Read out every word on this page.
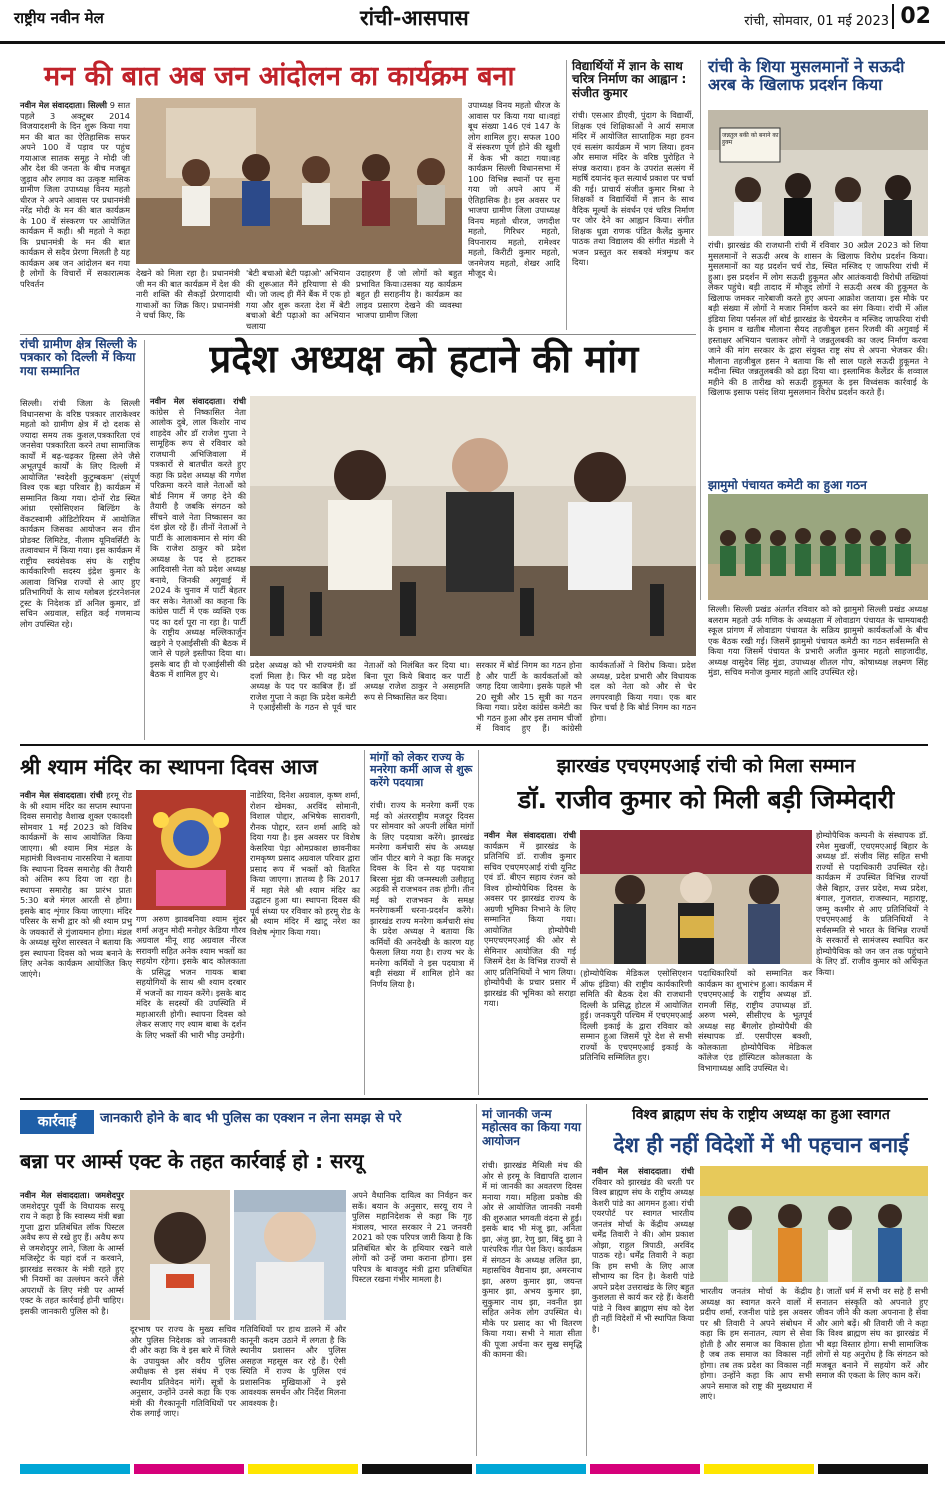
राष्ट्रीय नवीन मेल	रांची-आसपास	रांची, सोमवार, 01 मई 2023 02
मन की बात अब जन आंदोलन का कार्यक्रम बना
नवीन मेल संवाददाता। सिल्ली 9 सात पहले 3 अक्टूबर 2014 विजयादशमी के दिन शुरू किया गया मन की बात का ऐतिहासिक सफर अपने 100 वें पड़ाव पर पहुंच गयाआज सातक समूह ने मोदी जी और देश की जनता के बीच मजबूत जुड़ाव और लगाव का उत्कृष्ट मासिक ग्रामीण जिला उपाध्यक्ष विनय महतो धीरज ने अपने आवास पर प्रधानमंत्री नरेंद्र मोदी के मन की बात कार्यक्रम के 100 वें संस्करण पर आयोजित कार्यक्रम में कही। श्री महतो ने कहा कि प्रधानमंत्री के मन की बात कार्यक्रम से सदैव प्रेरणा मिलती है यह कार्यक्रम अब जन आंदोलन बन गया है लोगों के विचारों में सकारात्मक परिवर्तन
देखने को मिला रहा है। प्रधानमंत्री जी मन की बात कार्यक्रम में देश की नारी शक्ति की सैकड़ों प्रेरणादायी गाथाओं का जिक्र किए। प्रधानमंत्री ने चर्चा किए, कि
'बेटी बचाओ बेटी पढ़ाओ' अभियान की शुरूआत मैंने हरियाणा से की थी। जो जल्द ही मैंने बैंक में एक हो गया और शुरू करता देश में बेटी बचाओ बेटी पढ़ाओ का अभियान चलाया
उदाहरण हैं जो लोगों को बहुत प्रभावित किया।उसका यह कार्यक्रम बहुत ही सराहनीय है। कार्यक्रम का लाइव प्रसारण देखने की व्यवस्था भाजपा ग्रामीण जिला
उपाध्यक्ष विनय महतो धीरज के आवास पर किया गया था।वहां बूथ संख्या 146 एवं 147 के लोग शामिल हुए। सफल 100 वें संस्करण पूर्ण होने की खुशी में केक भी काटा गया।वह कार्यक्रम सिल्ली विधानसभा में 100 विभिन्न स्थानों पर सुना गया जो अपने आप में ऐतिहासिक है। इस अवसर पर भाजपा ग्रामीण जिला उपाध्यक्ष विनय महतो धीरज, जगदीश महतो, गिरिधर महतो, विपनाराय महतो, रामेश्वर महतो, किरीटी कुमार महतो, जनमेजय महतो, शेखर आदि मौजूद थे।
विद्यार्थियों में ज्ञान के साथ चरित्र निर्माण का आह्वान : संजीत कुमार
रांची। एसआर डीएवी, पुंदाग के विद्यार्थी, शिक्षक एवं शिक्षिकाओं ने आर्य समाज मंदिर में आयोजित साप्ताहिक महा हवन एवं सत्संग कार्यक्रम में भाग लिया। हवन और समाज मंदिर के वरिष्ठ पुरोहित ने संपन्न कराया। हवन के उपरांत सत्संग में महर्षि दयानंद कृत सत्यार्थ प्रकाश पर चर्चा की गई। प्राचार्य संजीत कुमार मिश्रा ने शिक्षकों व विद्यार्थियों में ज्ञान के साथ वैदिक मूल्यों के संवर्धन एवं चरित्र निर्माण पर जोर देने का आह्वान किया। संगीत शिक्षक धुव्रा राणक पंडित कैलेंद्र कुमार पाठक तथा विद्यालय की संगीत मंडली ने भजन प्रस्तुत कर सबको मंत्रमुग्ध कर दिया।
रांची के शिया मुसलमानों ने सऊदी अरब के खिलाफ प्रदर्शन किया
जन्नतुल बकी को बनाने का हुक्म
रांची। झारखंड की राजधानी रांची में रविवार 30 अप्रैल 2023 को शिया मुसलमानों ने सऊदी अरब के शासन के खिलाफ विरोध प्रदर्शन किया। मुसलमानों का यह प्रदर्शन चर्च रोड, स्थित मस्जिद ए जाफरिया रांची में हुआ। इस प्रदर्शन में लोग सऊदी हुकूमत और आतंकवादी विरोधी तख्तियां लेकर पहुंचे। बड़ी तादाद में मौजूद लोगों ने सऊदी अरब की हुकूमत के खिलाफ जमकर नारेबाजी करते हुए अपना आक्रोश जताया। इस मौके पर बड़ी संख्या में लोगों ने मजार निर्माण करने का संग किया। रांची में ऑल इंडिया शिया पर्सनल लॉ बोर्ड झारखंड के चेयरमैन व मस्जिद जाफरिया रांची के इमाम व खतीब मौलाना सैयद तहजीबुल हसन रिजवी की अगुवाई में हस्ताक्षर अभियान चलाकर लोगों ने जन्नतुलबकी का जल्द निर्माण करवा जाने की मांग सरकार के द्वारा संयुक्त राष्ट्र संघ से अपना भेजकर की। मौलाना तहजीबुल हसन ने बताया कि सौ साल पहले सऊदी हुकूमत ने मदीना स्थित जन्नतुलबकी को ढहा दिया था। इस्लामिक कैलेंडर के शव्वाल महीने की 8 तारीख को सऊदी हुकूमत के इस विध्वंसक कार्रवाई के खिलाफ इसाफ पसंद शिया मुसलमान विरोध प्रदर्शन करते हैं।
झामुमो पंचायत कमेटी का हुआ गठन
सिल्ली। सिल्ली प्रखंड अंतर्गत रविवार को को झामुमो सिल्ली प्रखंड अध्यक्ष बलराम महतो उर्फ गणिक के अध्यक्षता में लोवाडाग पंचायत के चामयाबदी स्कूल प्रांगण में लोवाडाग पंचायत के सक्रिय झामुमो कार्यकर्ताओं के बीच एक बैठक रखी गई। जिसमें झामुमो पंचायत कमेटी का गठन सर्वसम्मति से किया गया जिसमें पंचायत के प्रभारी अजीत कुमार महतो साहजादीह, अध्यक्ष वासुदेव सिंह मुंडा, उपाध्यक्ष शीतल गोप, कोषाध्यक्ष लक्ष्मण सिंह मुंडा, सचिव मनोज कुमार महतो आदि उपस्थित रहे।
रांची ग्रामीण क्षेत्र सिल्ली के पत्रकार को दिल्ली में किया गया सम्मानित
सिल्ली। रांची जिला के सिल्ली विधानसभा के वरिष्ठ पत्रकार ताराकेश्वर महतो को ग्रामीण क्षेत्र में दो दशक से ज्यादा समय तक कुशल,पत्रकारिता एवं जनसेवा पत्रकारिता करने तथा सामाजिक कार्यों में बढ़-चढ़कर हिस्सा लेने जैसे अभूतपूर्व कार्यों के लिए दिल्ली में आयोजित 'स्वदेशी कुटुम्बकम' (संपूर्ण विश्व एक बड़ा परिवार है) कार्यक्रम में सम्मानित किया गया। दोनों रोड स्थित आंध्रा एसोसिएशन बिल्डिंग के वेंकटस्वामी ऑडिटोरियम में आयोजित कार्यक्रम जिसका आयोजन सन ग्रीन प्रोडक्ट लिमिटेड, नीलाम यूनिवर्सिटी के तत्वावधान में किया गया। इस कार्यक्रम में राष्ट्रीय स्वयंसेवक संघ के राष्ट्रीय कार्यकारिणी सदस्य इंद्रेश कुमार के अलावा विभिन्न राज्यों से आए हुए प्रतिभागियों के साथ ग्लोबल इंटरनेशनल ट्रस्ट के निदेशक डॉ अनिल कुमार, डॉ सचिन अग्रवाल, सहित कई गणमान्य लोग उपस्थित रहे।
प्रदेश अध्यक्ष को हटाने की मांग
नवीन मेल संवाददाता। रांची कांग्रेस से निष्कासित नेता आलोक दुबे, लाल किशोर नाथ शाहदेव और डॉ राजेश गुप्ता ने सामूहिक रूप से रविवार को राजधानी अभिजिवाला में पत्रकारों से बातचीत करते हुए कहा कि प्रदेश अध्यक्ष की गणेश परिक्रमा करने वाले नेताओं को बोर्ड निगम में जगह देने की तैयारी है जबकि संगठन को सींचने वाले नेता निष्कासन का दंश झेल रहे हैं। तीनों नेताओं ने पार्टी के आलाकमान से मांग की कि राजेश ठाकुर को प्रदेश अध्यक्ष के पद से हटाकर आदिवासी नेता को प्रदेश अध्यक्ष बनाये, जिनकी अगुवाई में 2024 के चुनाव में पार्टी बेहतर कर सके। नेताओं का कहना कि कांग्रेस पार्टी में एक व्यक्ति एक पद का दर्श पूरा ना रहा है। पार्टी के राष्ट्रीय अध्यक्ष मल्लिकार्जुन खड़गे ने एआईसीसी की बैठक में जाने से पहले इस्तीफा दिया था। इसके बाद ही वो एआईसीसी की बैठक में शामिल हुए थे।
प्रदेश अध्यक्ष को भी राज्यमंत्री का दर्जा मिला है। फिर भी वह प्रदेश अध्यक्ष के पद पर काबिज हैं। डॉ राजेश गुप्ता ने कहा कि प्रदेश कमेटी ने एआईसीसी के गठन से पूर्व चार नेताओं को निलंबित कर दिया था। बिना पूरा किये बिवाद कर पार्टी अध्यक्ष राजेश ठाकुर ने असहमति रूप से निष्कासित कर दिया।
सरकार में बोर्ड निगम का गठन होना है और पार्टी के कार्यकर्ताओं को जगह दिया जायेगा। इसके पहले भी 20 सूत्री और 15 सूत्री का गठन किया गया। प्रदेश कांग्रेस कमेटी का भी गठन हुआ और इस तमाम चीजों में विवाद हुए हैं। कांग्रेसी कार्यकर्ताओं ने विरोध किया। प्रदेश अध्यक्ष, प्रदेश प्रभारी और विधायक दल को नेता को और से चेर लगपरवाही किया गया। एक बार फिर चर्चा है कि बोर्ड निगम का गठन होगा।
श्री श्याम मंदिर का स्थापना दिवस आज
नवीन मेल संवाददाता। रांची हरमू रोड के श्री श्याम मंदिर का सप्तम स्थापना दिवस समारोह वैशाख शुक्ल एकादशी सोमवार 1 मई 2023 को विविध कार्यक्रमों के साथ आयोजित किया जाएगा। श्री श्याम मित्र मंडल के महामंत्री विश्वनाथ नारसरिया ने बताया कि स्थापना दिवस समारोह की तैयारी को अंतिम रूप दिया जा रहा है। स्थापना समारोह का प्रारंभ प्रातः 5:30 बजे मंगल आरती से होगा। इसके बाद शृंगार किया जाएगा। मंदिर परिसर के सभी द्वार को श्री श्याम प्रभु के जयकारों से गुंजायमान होगा। मंडल के अध्यक्ष सुरेश सारस्वत ने बताया कि इस स्थापना दिवस को भव्य बनाने के लिए अनेक कार्यक्रम आयोजित किए जाएंगे।
गण अरुण झावबनिया श्याम सुंदर शर्मा अजुन मोदी मनोहर केडिया गौरव अग्रवाल मीनू शाह अग्रवाल नीरज सरावगी सहित अनेक श्याम भक्तों का सहयोग रहेगा। इसके बाद कोलकाता के प्रसिद्ध भजन गायक बाबा सहयोगियों के साथ श्री श्याम दरबार में भजनों का गायन करेंगे। इसके बाद मंदिर के सदस्यों की उपस्थिति में महाआरती होगी। स्थापना दिवस को लेकर सजाए गए श्याम बाबा के दर्शन के लिए भक्तों की भारी भीड़ उमड़ेगी।
नाडेरिया, दिनेश अग्रवाल, कृष्ण शर्मा, रोशन खेमका, अरविंद सोमानी, विशाल पोद्दार, अभिषेक सारावगी, रौनक पोद्दार, रतन शर्मा आदि को दिया गया है। इस अवसर पर विशेष केसरिया पेड़ा ओमप्रकाश छावनीका रामकृष्ण प्रसाद अग्रवाल परिवार द्वारा प्रसाद रूप में भक्तों को वितरित किया जाएगा। ज्ञातव्य है कि 2017 में महा मेले श्री श्याम मंदिर का उद्घाटन हुआ था। स्थापना दिवस की पूर्व संध्या पर रविवार को हरमू रोड के श्री श्याम मंदिर में खाटू नरेश का विशेष शृंगार किया गया।
मांगों को लेकर राज्य के मनरेगा कर्मी आज से शुरू करेंगे पदयात्रा
रांची। राज्य के मनरेगा कर्मी एक मई को अंतरराष्ट्रीय मजदूर दिवस पर सोमवार को अपनी लंबित मांगों के लिए पदयात्रा करेंगे। झारखंड मनरेगा कर्मचारी संघ के अध्यक्ष जॉन पीटर बागे ने कहा कि मजदूर दिवस के दिन से यह पदयात्रा बिरसा मुंडा की जन्मस्थली उलीहातु अड़की से राजभवन तक होगी। तीन मई को राजभवन के समक्ष मनरेगाकर्मी धरना-प्रदर्शन करेंगे। झारखंड राज्य मनरेगा कर्मचारी संघ के प्रदेश अध्यक्ष ने बताया कि कर्मियों की अनदेखी के कारण यह फैसला लिया गया है। राज्य भर के मनरेगा कर्मियों ने इस पदयात्रा में बड़ी संख्या में शामिल होने का निर्णय लिया है।
झारखंड एचएमएआई रांची को मिला सम्मान
डॉ. राजीव कुमार को मिली बड़ी जिम्मेदारी
नवीन मेल संवाददाता। रांची कार्यक्रम में झारखंड के प्रतिनिधि डॉ. राजीव कुमार सचिव एचएमएआई रांची यूनिट एवं डॉ. बीएन सहाय रंजन को विश्व होम्योपैथिक दिवस के अवसर पर झारखंड राज्य के अग्रणी भूमिका निभाने के लिए सम्मानित किया गया। आयोजित होम्योपैथी एमएचएमएआई की ओर से सेमिनार आयोजित की गई जिसमें देश के विभिन्न राज्यों से आए प्रतिनिधियों ने भाग लिया। होम्योपैथी के प्रचार प्रसार में झारखंड की भूमिका को सराहा गया।
(होम्योपैथिक मेडिकल एसोसिएशन ऑफ इंडिया) की राष्ट्रीय कार्यकारिणी समिति की बैठक देश की राजधानी दिल्ली के प्रसिद्ध होटल में आयोजित हुई। जनकपुरी पश्चिम में एचएमएआई दिल्ली इकाई के द्वारा रविवार को सम्मान हुआ जिसमें पूरे देश से सभी राज्यों के एचएमएआई इकाई के प्रतिनिधि सम्मिलित हुए।
पदाधिकारियों को सम्मानित कर कार्यक्रम का शुभारंभ हुआ। कार्यक्रम में एचएमएआई के राष्ट्रीय अध्यक्ष डॉ. रामजी सिंह, राष्ट्रीय उपाध्यक्ष डॉ. अरुण भस्मे, सीसीएच के भूतपूर्व अध्यक्ष सह बैंगलोर होम्योपैथी की संस्थापक डॉ. एसपीएस बक्शी, कोलकाता होम्योपैथिक मेडिकल कॉलेज एंड हॉस्पिटल कोलकाता के विभागाध्यक्ष आदि उपस्थित थे।
होम्योपैथिक कम्पनी के संस्थापक डॉ. रमेश मुखर्जी, एचएमएआई बिहार के अध्यक्ष डॉ. संजीव सिंह सहित सभी राज्यों से पदाधिकारी उपस्थित रहे। कार्यक्रम में उपस्थित विभिन्न राज्यों जैसे बिहार, उत्तर प्रदेश, मध्य प्रदेश, बंगाल, गुजरात, राजस्थान, महाराष्ट्र, जम्मू कश्मीर से आए प्रतिनिधियों ने एचएमएआई के प्रतिनिधियों ने सर्वसम्मति से भारत के विभिन्न राज्यों के सरकारों से सामंजस्य स्थापित कर होम्योपैथिक को जन जन तक पहुंचाने के लिए डॉ. राजीव कुमार को अधिकृत किया।
कार्रवाई	जानकारी होने के बाद भी पुलिस का एक्शन न लेना समझ से परे
बन्ना पर आर्म्स एक्ट के तहत कार्रवाई हो : सरयू
नवीन मेल संवाददाता। जमशेदपुर जमशेदपुर पूर्वी के विधायक सरयू राय ने कहा है कि स्वास्थ्य मंत्री बन्ना गुप्ता द्वारा प्रतिबंधित लॉक पिस्टल अवैध रूप से रखे हुए हैं। अवैध रूप से जमशेदपुर लाने, जिला के आर्म्स मजिस्ट्रेट के यहां दर्ज न करवाने, झारखंड सरकार के मंत्री रहते हुए भी नियमों का उल्लंघन करने जैसे अपराधों के लिए मंत्री पर आर्म्स एक्ट के तहत कार्रवाई होनी चाहिए। इसकी जानकारी पुलिस को है।
दूरभाष पर राज्य के मुख्य सचिव और पुलिस निदेशक को जानकारी दी और कहा कि वे इस बारे में जिले के उपायुक्त और वरीय पुलिस अधीक्षक से इस संबंध में एक स्थानीय प्रतिवेदन मांगें। सूत्रों के अनुसार, उन्होंने उनसे कहा कि एक मंत्री की गैरकानूनी गतिविधियों पर रोक लगाई जाए।
गतिविधियों पर हाथ डालने में और कानूनी कदम उठाने में लगता है कि स्थानीय प्रशासन और पुलिस असहज महसूस कर रहे हैं। ऐसी स्थिति में राज्य के पुलिस एवं प्रशासनिक मुखियाओं ने इसे आवश्यक समर्थन और निर्देश मिलना आवश्यक है।
अपने वैधानिक दायित्व का निर्वहन कर सकें। बयान के अनुसार, सरयू राय ने पुलिस महानिदेशक से कहा कि गृह मंत्रालय, भारत सरकार ने 21 जनवरी 2021 को एक परिपत्र जारी किया है कि प्रतिबंधित बोर के हथियार रखने वाले लोगों को उन्हें जमा कराना होगा। इस परिपत्र के बावजूद मंत्री द्वारा प्रतिबंधित पिस्टल रखना गंभीर मामला है।
मां जानकी जन्म महोत्सव का किया गया आयोजन
रांची। झारखंड मैथिली मंच की ओर से हरमू के विद्यापति दालान में मां जानकी का अवतरण दिवस मनाया गया। महिला प्रकोष्ठ की ओर से आयोजित जानकी नवमी की शुरुआत भगवती वंदना से हुई। इसके बाद भी मंजू झा, अनिता झा, अंजु झा, रेणु झा, बिंदु झा ने पारंपरिक गीत पेश किए। कार्यक्रम में संगठन के अध्यक्ष ललित झा, महासचिव वैद्यनाथ झा, अमरनाथ झा, अरुण कुमार झा, जयन्त कुमार झा, अभय कुमार झा, सुकुमार नाथ झा, नवनीत झा सहित अनेक लोग उपस्थित थे। मौके पर प्रसाद का भी वितरण किया गया। सभी ने माता सीता की पूजा अर्चना कर सुख समृद्धि की कामना की।
विश्व ब्राह्मण संघ के राष्ट्रीय अध्यक्ष का हुआ स्वागत
देश ही नहीं विदेशों में भी पहचान बनाई
नवीन मेल संवाददाता। रांची रविवार को झारखंड की धरती पर विश्व ब्राह्मण संघ के राष्ट्रीय अध्यक्ष केशरी पांडे का आगमन हुआ। रांची एयरपोर्ट पर स्वागत भारतीय जनतंत्र मोर्चा के केंद्रीय अध्यक्ष धर्मेंद्र तिवारी ने की। ओम प्रकाश ओझा, राहुल त्रिपाठी, अरविंद पाठक रहे। धर्मेंद्र तिवारी ने कहा कि हम सभी के लिए आज सौभाग्य का दिन है। केशरी पांडे अपने प्रदेश उत्तराखंड के लिए बहुत कुशलता से कार्य कर रहे हैं। केशरी पांडे ने विश्व ब्राह्मण संघ को देश ही नहीं विदेशों में भी स्थापित किया है।
भारतीय जनतंत्र मोर्चा के केंद्रीय अध्यक्ष का स्वागत करने वालों में प्रदीप शर्मा, रजनीश पांडे इस अवसर पर श्री तिवारी ने अपने संबोधन में कहा कि हम सनातन, त्याग से सेवा होती है और समाज का विकास होता है जब तक समाज का विकास नहीं होगा। तब तक प्रदेश का विकास नहीं होगा। उन्होंने कहा कि आप सभी अपने समाज को राष्ट्र की मुख्यधारा में लाएं।
है। जातों धर्म में सभी वर सहे हैं सभी सनातन संस्कृति को अपनाते हुए जीवन जीने की कला अपनाना है सेवा और आगे बढ़ें। श्री तिवारी जी ने कहा कि विश्व ब्राह्मण संघ का झारखंड में भी बड़ा विस्तार होगा। सभी सामाजिक लोगों से यह अनुरोध है कि संगठन को मजबूत बनाने में सहयोग करें और समाज की एकता के लिए काम करें।
